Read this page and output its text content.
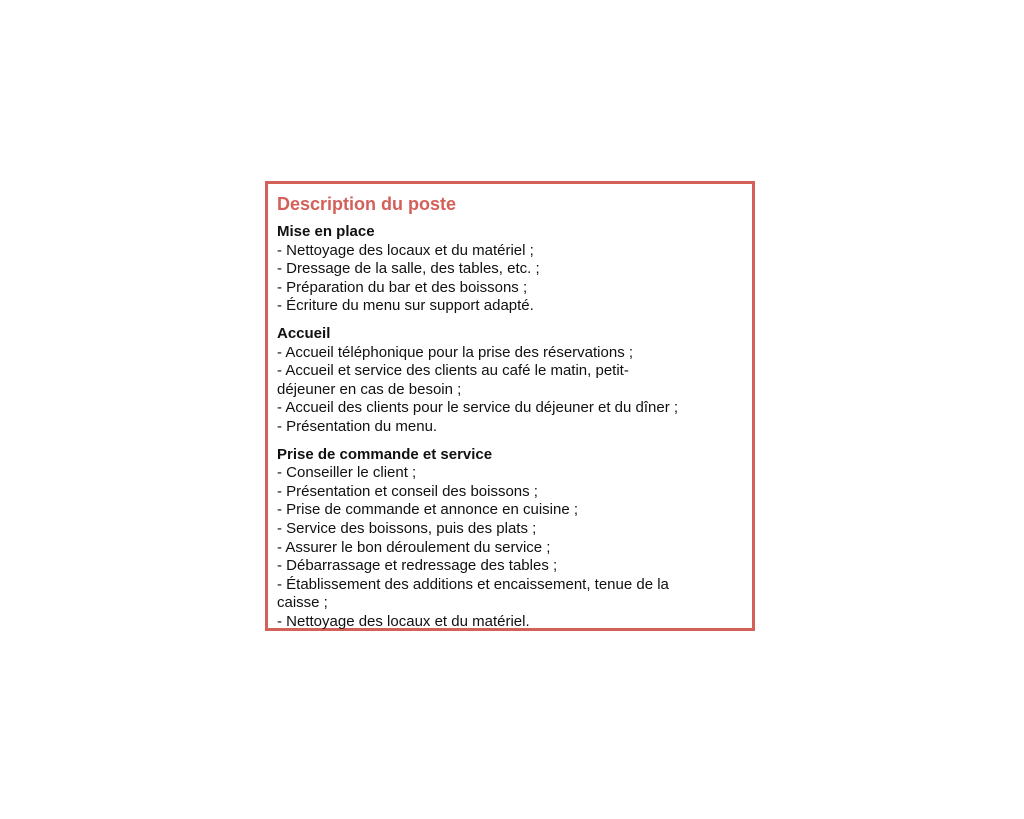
Description du poste
Mise en place
- Nettoyage des locaux et du matériel ;
- Dressage de la salle, des tables, etc. ;
- Préparation du bar et des boissons ;
- Écriture du menu sur support adapté.
Accueil
- Accueil téléphonique pour la prise des réservations ;
- Accueil et service des clients au café le matin, petit-
déjeuner en cas de besoin ;
- Accueil des clients pour le service du déjeuner et du dîner ;
- Présentation du menu.
Prise de commande et service
- Conseiller le client ;
- Présentation et conseil des boissons ;
- Prise de commande et annonce en cuisine ;
- Service des boissons, puis des plats ;
- Assurer le bon déroulement du service ;
- Débarrassage et redressage des tables ;
- Établissement des additions et encaissement, tenue de la
caisse ;
- Nettoyage des locaux et du matériel.
